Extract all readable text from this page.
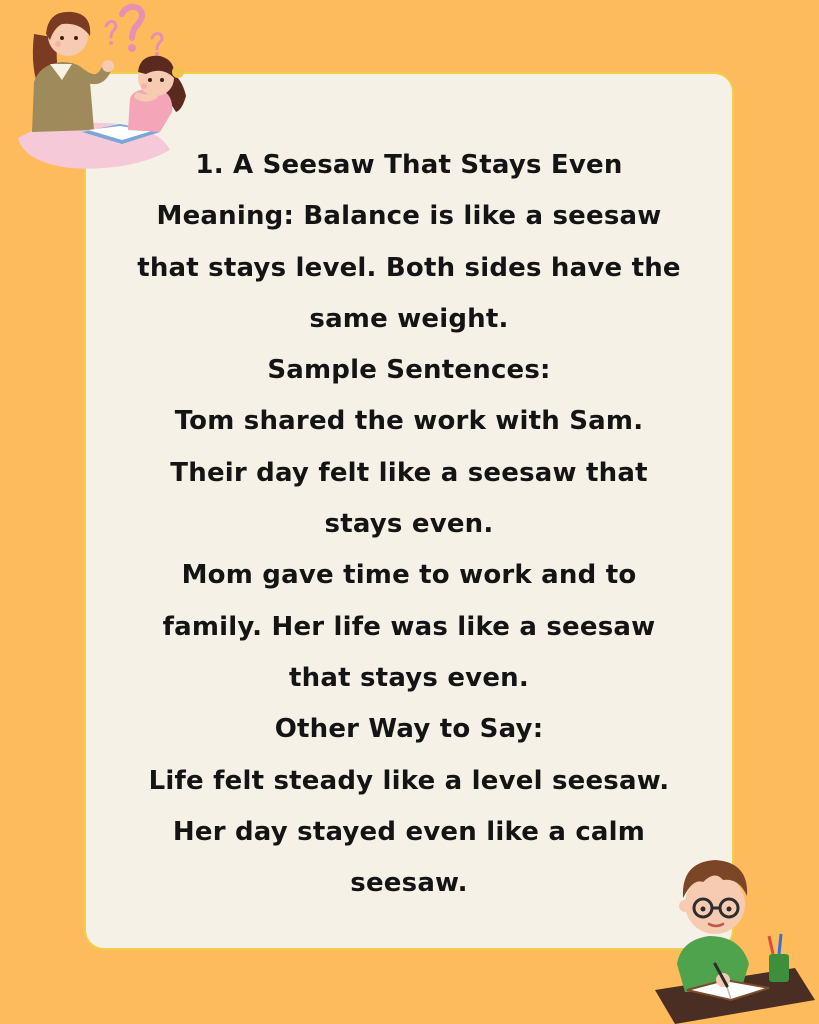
1. A Seesaw That Stays Even
Meaning: Balance is like a seesaw
that stays level. Both sides have the
same weight.
Sample Sentences:
Tom shared the work with Sam.
Their day felt like a seesaw that
stays even.
Mom gave time to work and to
family. Her life was like a seesaw
that stays even.
Other Way to Say:
Life felt steady like a level seesaw.
Her day stayed even like a calm
seesaw.
